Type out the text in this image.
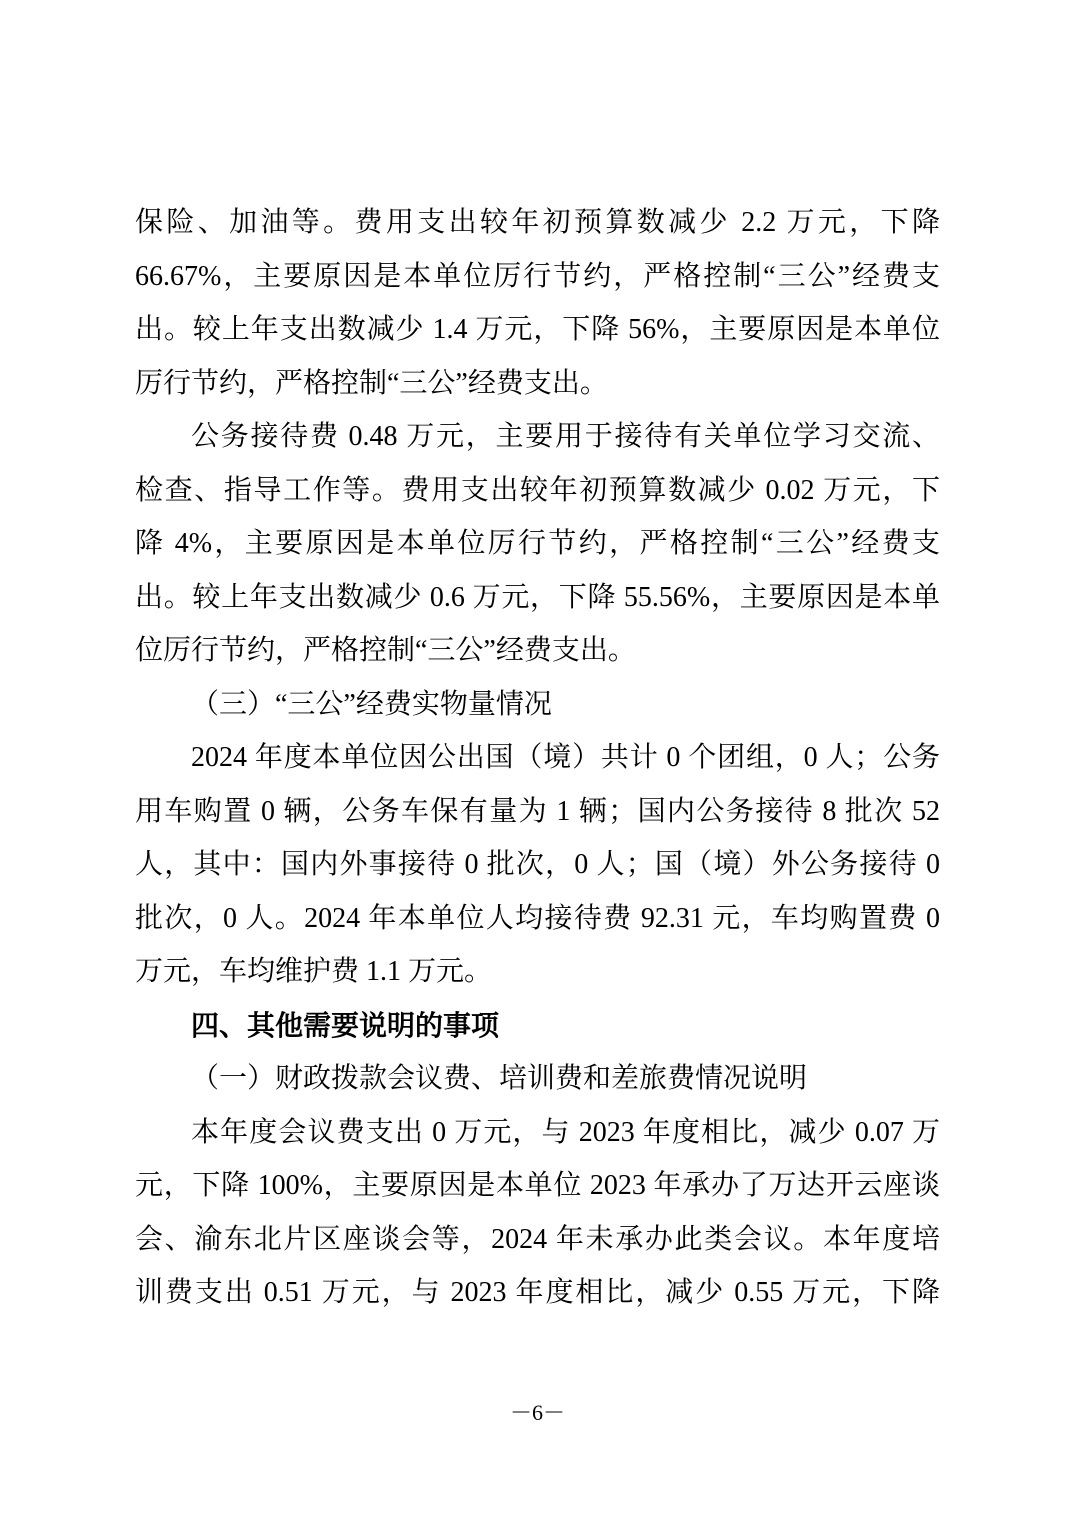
保险、加油等。费用支出较年初预算数减少 2.2 万元，下降
66.67%，主要原因是本单位厉行节约，严格控制“三公”经费支
出。较上年支出数减少 1.4 万元，下降 56%，主要原因是本单位
厉行节约，严格控制“三公”经费支出。
公务接待费 0.48 万元，主要用于接待有关单位学习交流、
检查、指导工作等。费用支出较年初预算数减少 0.02 万元，下
降 4%，主要原因是本单位厉行节约，严格控制“三公”经费支
出。较上年支出数减少 0.6 万元，下降 55.56%，主要原因是本单
位厉行节约，严格控制“三公”经费支出。
（三）“三公”经费实物量情况
2024 年度本单位因公出国（境）共计 0 个团组，0 人；公务
用车购置 0 辆，公务车保有量为 1 辆；国内公务接待 8 批次 52
人，其中：国内外事接待 0 批次，0 人；国（境）外公务接待 0
批次，0 人。2024 年本单位人均接待费 92.31 元，车均购置费 0
万元，车均维护费 1.1 万元。
四、其他需要说明的事项
（一）财政拨款会议费、培训费和差旅费情况说明
本年度会议费支出 0 万元，与 2023 年度相比，减少 0.07 万
元，下降 100%，主要原因是本单位 2023 年承办了万达开云座谈
会、渝东北片区座谈会等，2024 年未承办此类会议。本年度培
训费支出 0.51 万元，与 2023 年度相比，减少 0.55 万元，下降
－6－
